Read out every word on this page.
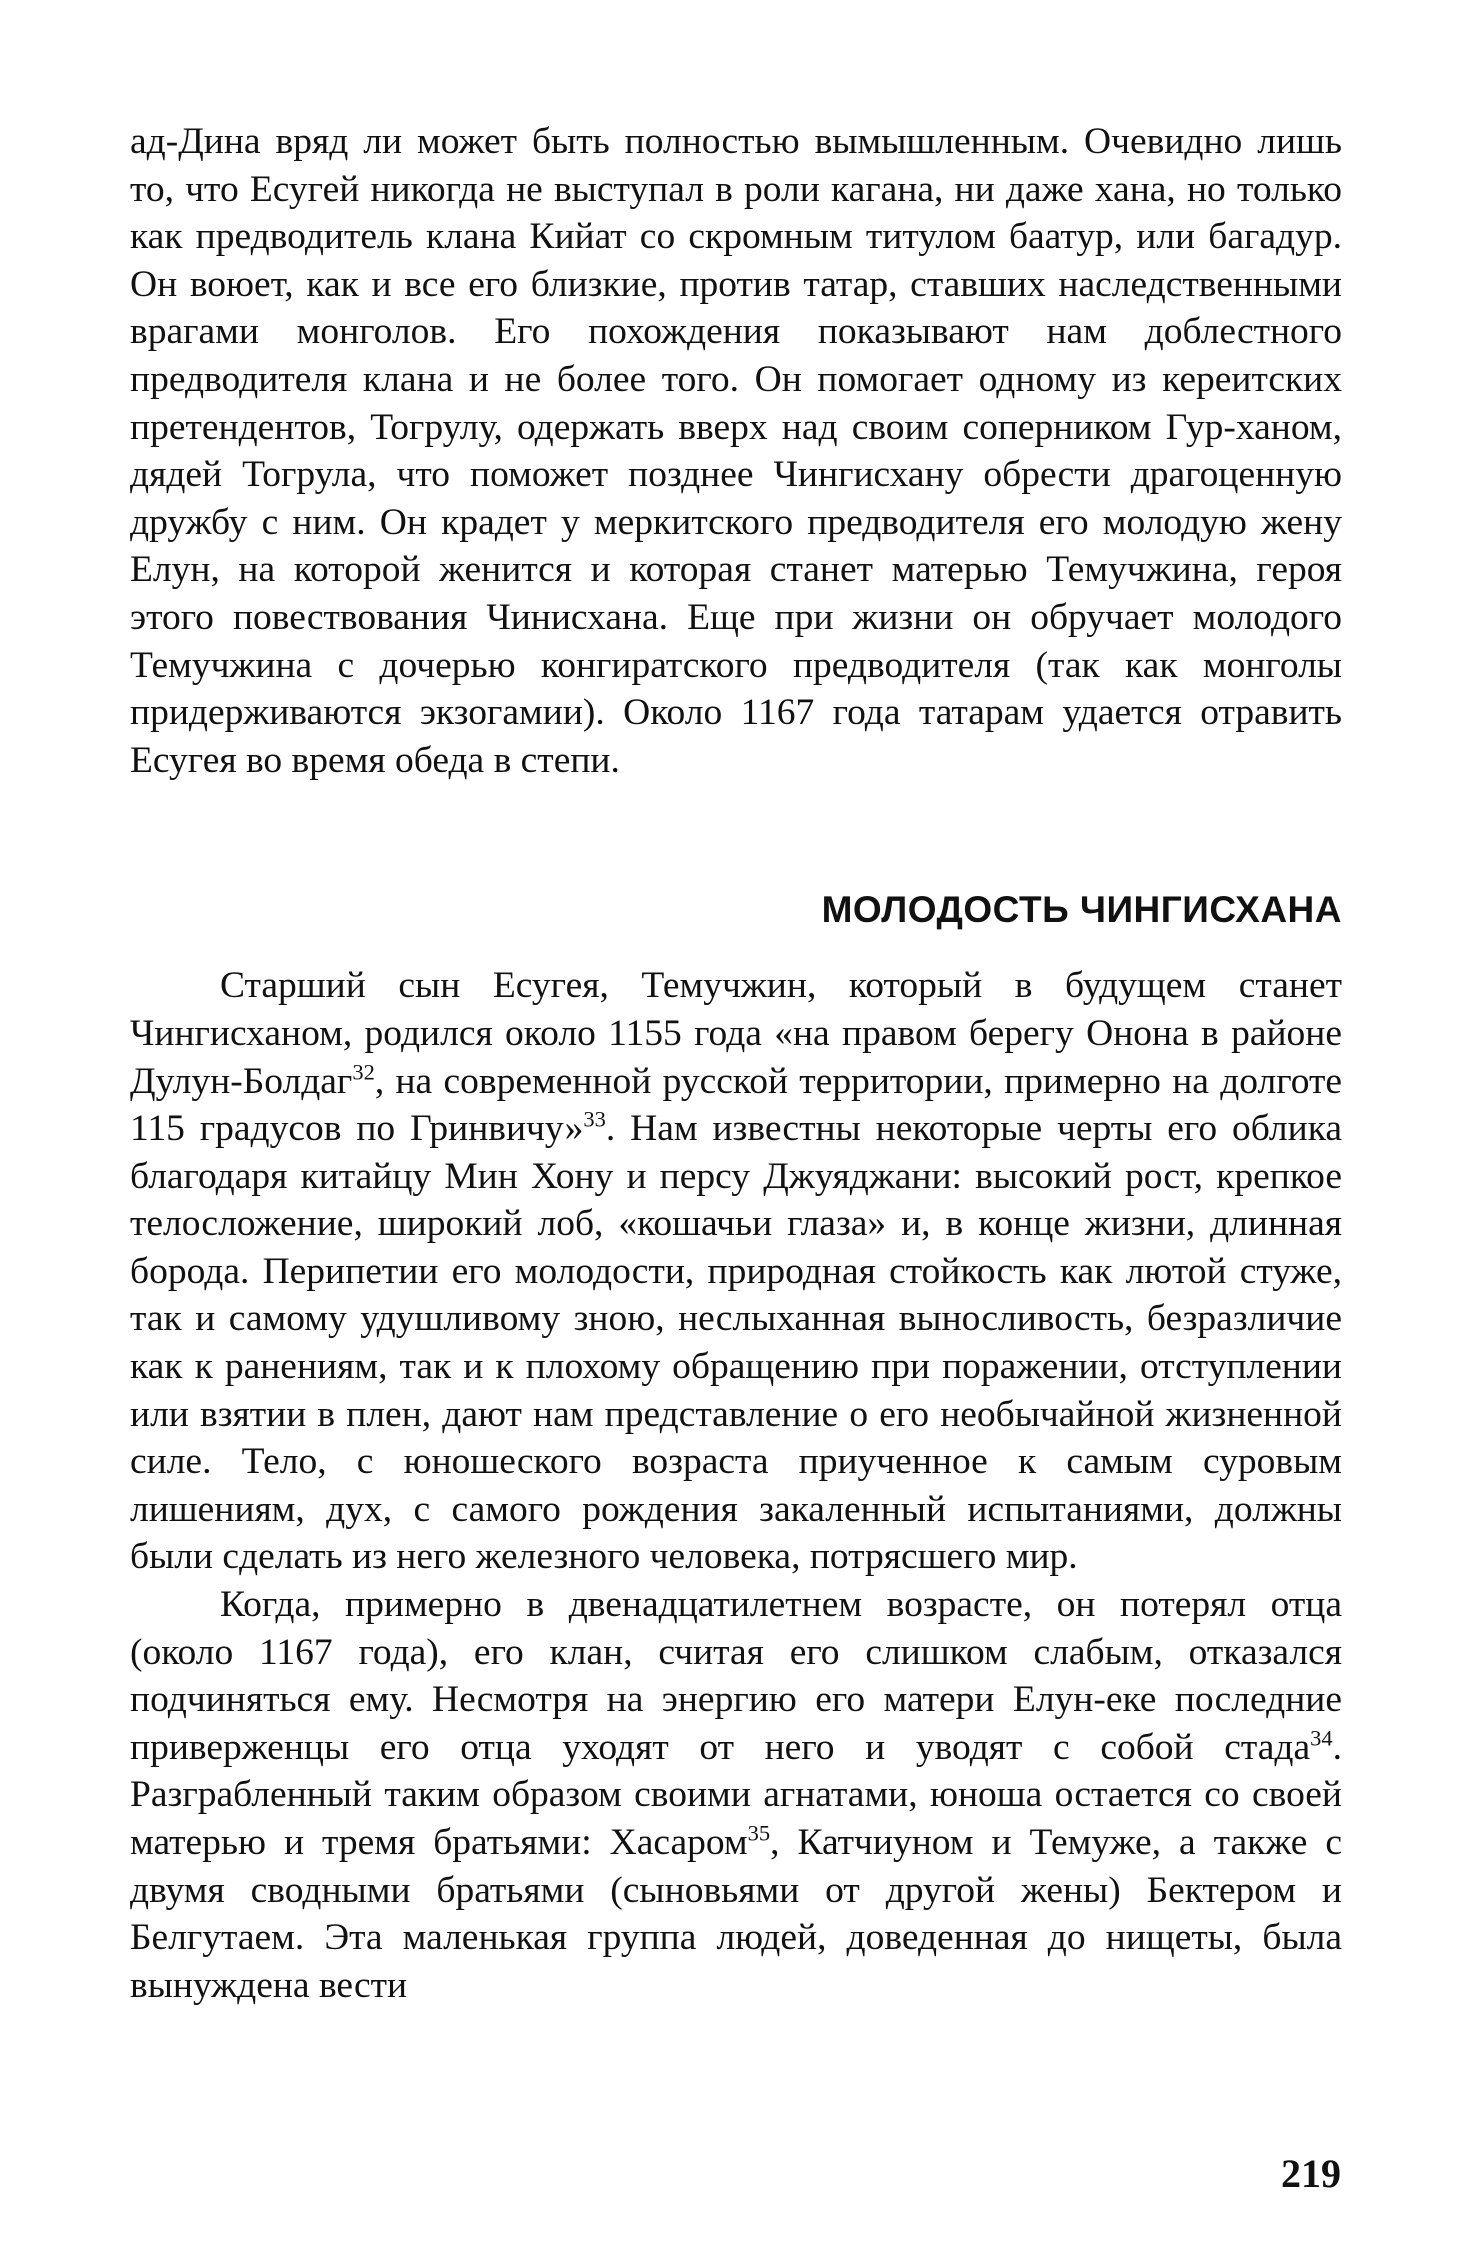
ад-Дина вряд ли может быть полностью вымышленным. Очевидно лишь то, что Есугей никогда не выступал в роли кагана, ни даже хана, но только как предводитель клана Кийат со скромным титулом баатур, или багадур. Он воюет, как и все его близкие, против татар, ставших наследственными врагами монголов. Его похождения показывают нам доблестного предводителя клана и не более того. Он помогает одному из кереитских претендентов, Тогрулу, одержать вверх над своим соперником Гур-ханом, дядей Тогрула, что поможет позднее Чингисхану обрести драгоценную дружбу с ним. Он крадет у меркитского предводителя его молодую жену Елун, на которой женится и которая станет матерью Темучжина, героя этого повествования Чинисхана. Еще при жизни он обручает молодого Темучжина с дочерью конгиратского предводителя (так как монголы придерживаются экзогамии). Около 1167 года татарам удается отравить Есугея во время обеда в степи.

МОЛОДОСТЬ ЧИНГИСХАНА

Старший сын Есугея, Темучжин, который в будущем станет Чингисханом, родился около 1155 года «на правом берегу Онона в районе Дулун-Болдаг$^{32}$, на современной русской территории, примерно на долготе 115 градусов по Гринвичу»$^{33}$. Нам известны некоторые черты его облика благодаря китайцу Мин Хону и персу Джуяджани: высокий рост, крепкое телосложение, широкий лоб, «кошачьи глаза» и, в конце жизни, длинная борода. Перипетии его молодости, природная стойкость как лютой стуже, так и самому удушливому зною, неслыханная выносливость, безразличие как к ранениям, так и к плохому обращению при поражении, отступлении или взятии в плен, дают нам представление о его необычайной жизненной силе. Тело, с юношеского возраста приученное к самым суровым лишениям, дух, с самого рождения закаленный испытаниями, должны были сделать из него железного человека, потрясшего мир.

Когда, примерно в двенадцатилетнем возрасте, он потерял отца (около 1167 года), его клан, считая его слишком слабым, отказался подчиняться ему. Несмотря на энергию его матери Елун-еке последние приверженцы его отца уходят от него и уводят с собой стада$^{34}$. Разграбленный таким образом своими агнатами, юноша остается со своей матерью и тремя братьями: Хасаром$^{35}$, Катчиуном и Темуже, а также с двумя сводными братьями (сыновьями от другой жены) Бектером и Белгутаем. Эта маленькая группа людей, доведенная до нищеты, была вынуждена вести

219
